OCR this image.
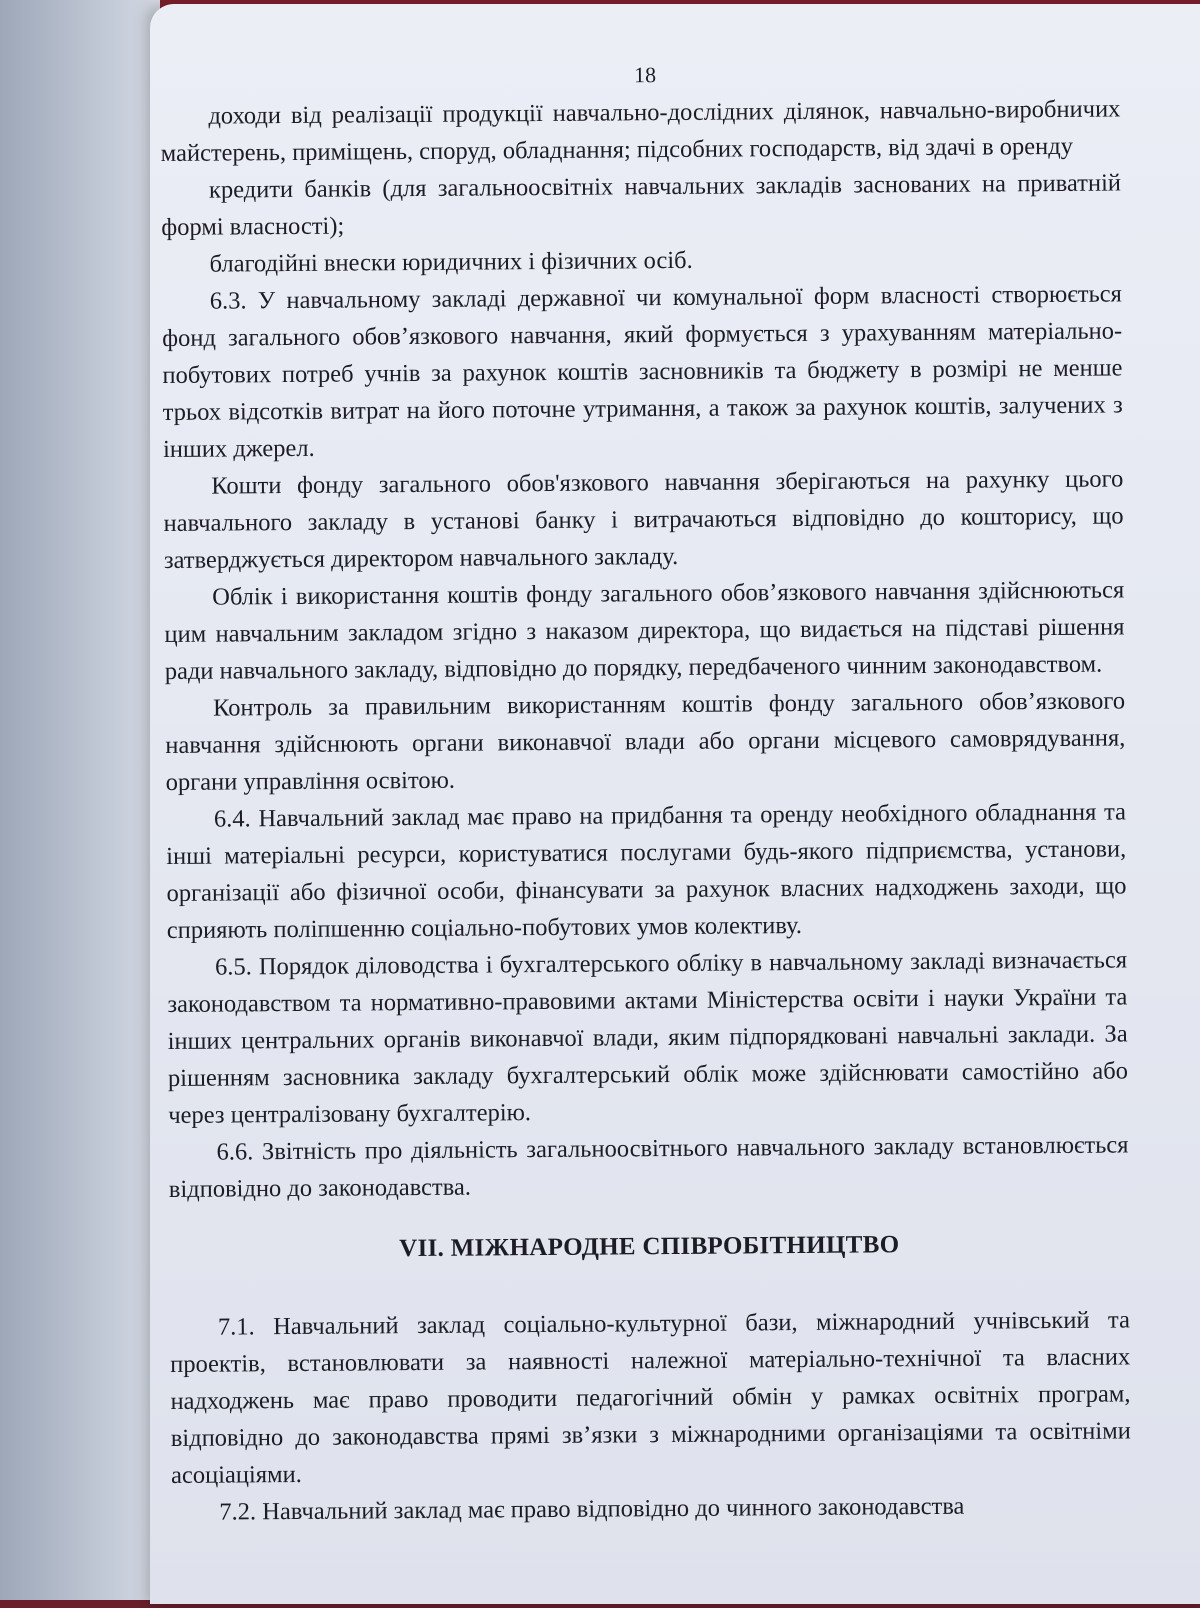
18

доходи від реалізації продукції навчально-дослідних ділянок, навчально-виробничих майстерень, приміщень, споруд, обладнання; підсобних господарств, від здачі в оренду

кредити банків (для загальноосвітніх навчальних закладів заснованих на приватній формі власності);

благодійні внески юридичних і фізичних осіб.

6.3. У навчальному закладі державної чи комунальної форм власності створюється фонд загального обов’язкового навчання, який формується з урахуванням матеріально-побутових потреб учнів за рахунок коштів засновників та бюджету в розмірі не менше трьох відсотків витрат на його поточне утримання, а також за рахунок коштів, залучених з інших джерел.

Кошти фонду загального обов'язкового навчання зберігаються на рахунку цього навчального закладу в установі банку і витрачаються відповідно до кошторису, що затверджується директором навчального закладу.

Облік і використання коштів фонду загального обов’язкового навчання здійснюються цим навчальним закладом згідно з наказом директора, що видається на підставі рішення ради навчального закладу, відповідно до порядку, передбаченого чинним законодавством.

Контроль за правильним використанням коштів фонду загального обов’язкового навчання здійснюють органи виконавчої влади або органи місцевого самоврядування, органи управління освітою.

6.4. Навчальний заклад має право на придбання та оренду необхідного обладнання та інші матеріальні ресурси, користуватися послугами будь-якого підприємства, установи, організації або фізичної особи, фінансувати за рахунок власних надходжень заходи, що сприяють поліпшенню соціально-побутових умов колективу.

6.5. Порядок діловодства і бухгалтерського обліку в навчальному закладі визначається законодавством та нормативно-правовими актами Міністерства освіти і науки України та інших центральних органів виконавчої влади, яким підпорядковані навчальні заклади. За рішенням засновника закладу бухгалтерський облік може здійснювати самостійно або через централізовану бухгалтерію.

6.6. Звітність про діяльність загальноосвітнього навчального закладу встановлюється відповідно до законодавства.

VII. МІЖНАРОДНЕ СПІВРОБІТНИЦТВО

7.1. Навчальний заклад соціально-культурної бази, міжнародний учнівський та проектів, встановлювати за наявності належної матеріально-технічної та власних надходжень має право проводити педагогічний обмін у рамках освітніх програм, відповідно до законодавства прямі зв’язки з міжнародними організаціями та освітніми асоціаціями.

7.2. Навчальний заклад має право відповідно до чинного законодавства
